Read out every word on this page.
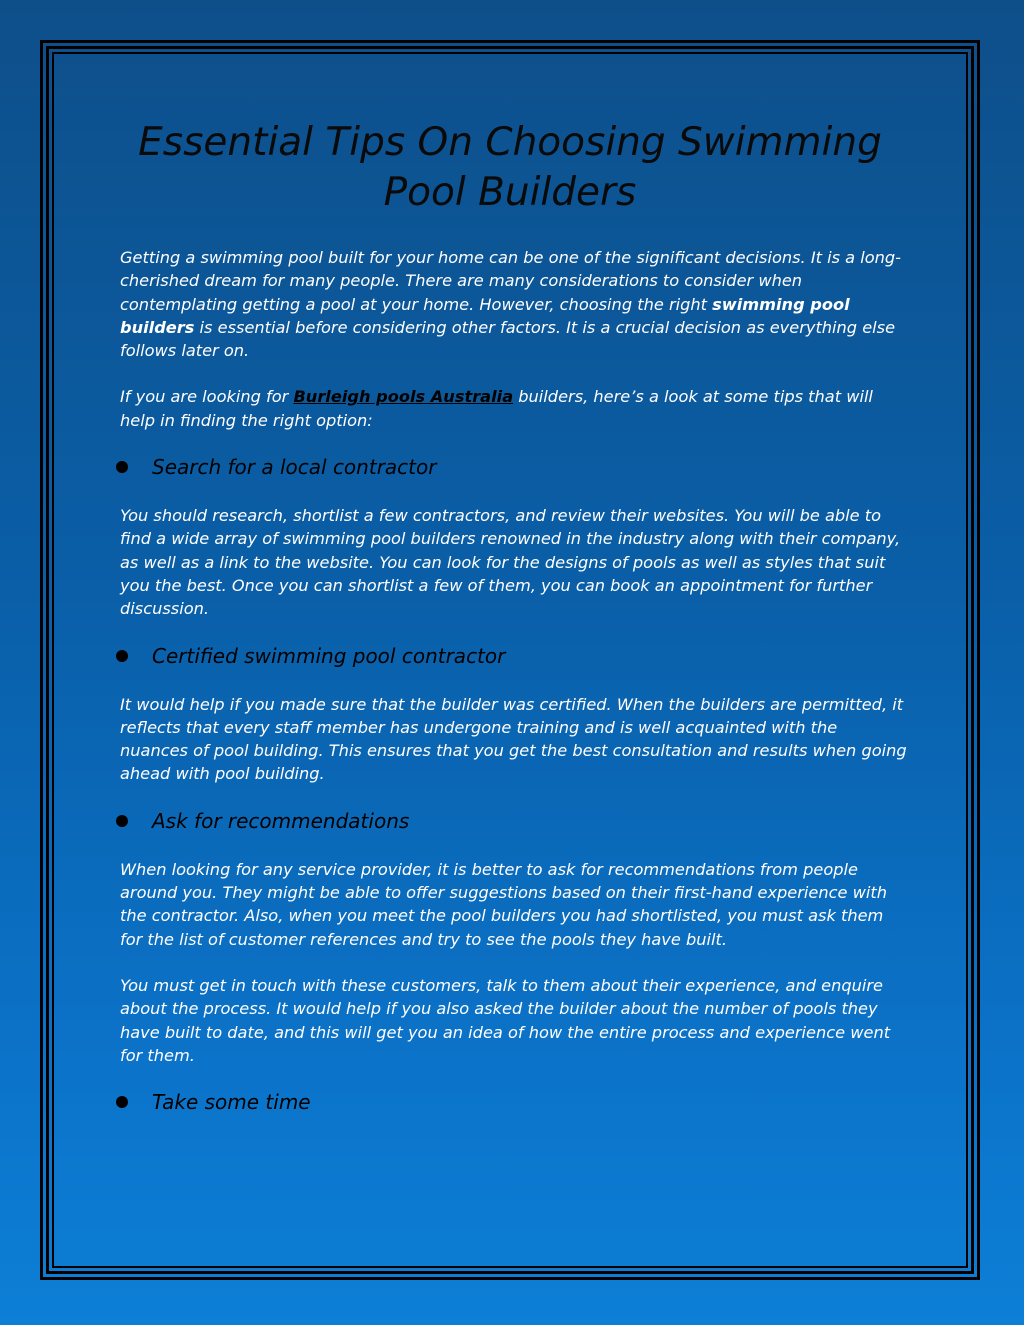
Essential Tips On Choosing Swimming Pool Builders

Getting a swimming pool built for your home can be one of the significant decisions. It is a long-cherished dream for many people. There are many considerations to consider when contemplating getting a pool at your home. However, choosing the right swimming pool builders is essential before considering other factors. It is a crucial decision as everything else follows later on.

If you are looking for Burleigh pools Australia builders, here’s a look at some tips that will help in finding the right option:

Search for a local contractor

You should research, shortlist a few contractors, and review their websites. You will be able to find a wide array of swimming pool builders renowned in the industry along with their company, as well as a link to the website. You can look for the designs of pools as well as styles that suit you the best. Once you can shortlist a few of them, you can book an appointment for further discussion.

Certified swimming pool contractor

It would help if you made sure that the builder was certified. When the builders are permitted, it reflects that every staff member has undergone training and is well acquainted with the nuances of pool building. This ensures that you get the best consultation and results when going ahead with pool building.

Ask for recommendations

When looking for any service provider, it is better to ask for recommendations from people around you. They might be able to offer suggestions based on their first-hand experience with the contractor. Also, when you meet the pool builders you had shortlisted, you must ask them for the list of customer references and try to see the pools they have built.

You must get in touch with these customers, talk to them about their experience, and enquire about the process. It would help if you also asked the builder about the number of pools they have built to date, and this will get you an idea of how the entire process and experience went for them.

Take some time
